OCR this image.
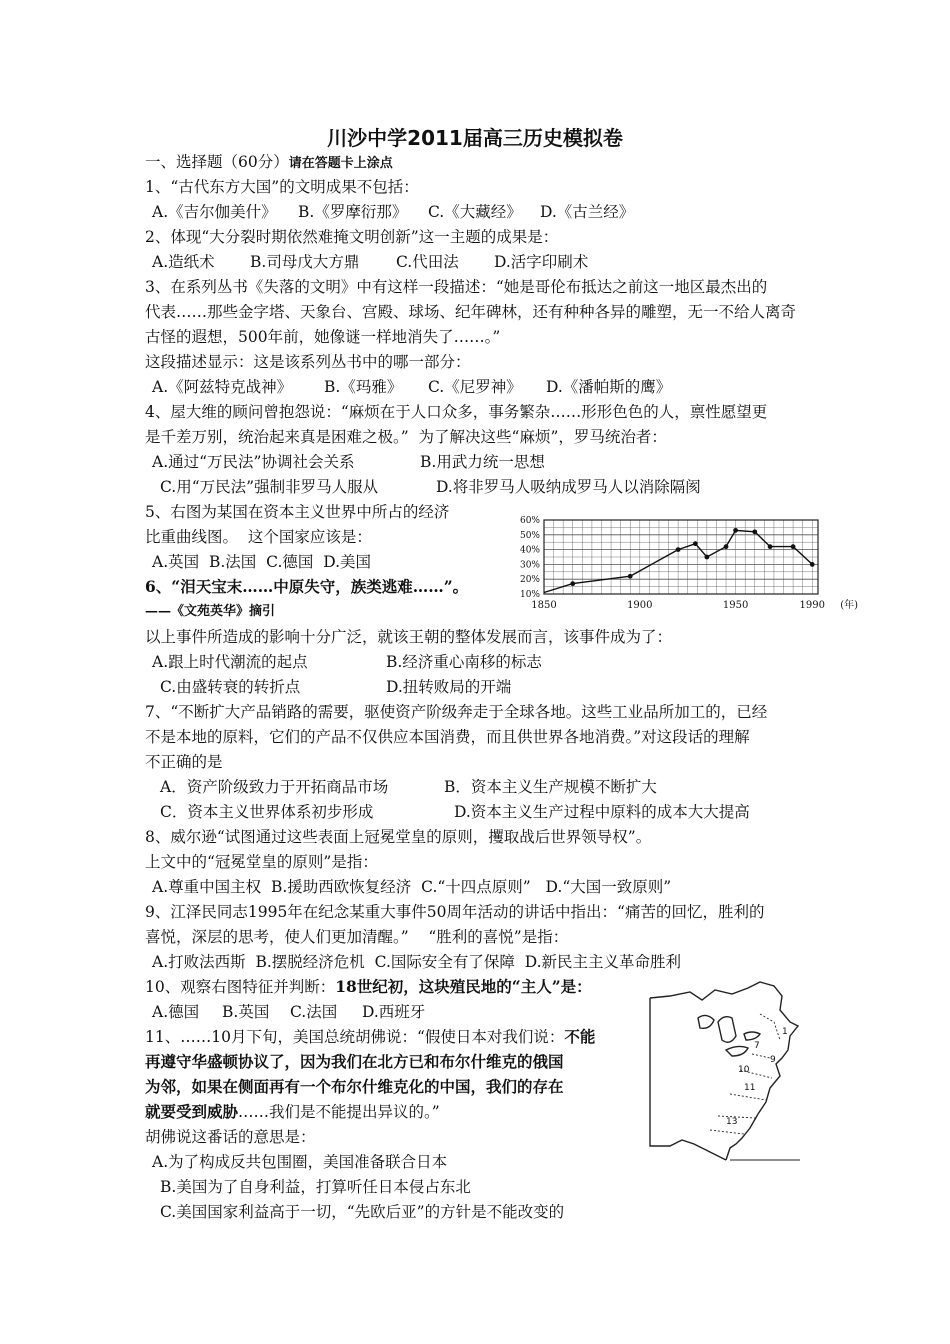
川沙中学2011届高三历史模拟卷
一、选择题（60分）请在答题卡上涂点
1、“古代东方大国”的文明成果不包括：
A.《吉尔伽美什》 B.《罗摩衍那》 C.《大藏经》 D.《古兰经》
2、体现“大分裂时期依然难掩文明创新”这一主题的成果是：
A.造纸术 B.司母戊大方鼎 C.代田法 D.活字印刷术
3、在系列丛书《失落的文明》中有这样一段描述：“她是哥伦布抵达之前这一地区最杰出的
代表……那些金字塔、天象台、宫殿、球场、纪年碑林，还有种种各异的雕塑，无一不给人离奇
古怪的遐想，500年前，她像谜一样地消失了……。”
这段描述显示：这是该系列丛书中的哪一部分：
A.《阿兹特克战神》 B.《玛雅》 C.《尼罗神》 D.《潘帕斯的鹰》
4、屋大维的顾问曾抱怨说：“麻烦在于人口众多，事务繁杂……形形色色的人，禀性愿望更
是千差万别，统治起来真是困难之极。”  为了解决这些“麻烦”，罗马统治者：
A.通过“万民法”协调社会关系	B.用武力统一思想
C.用“万民法”强制非罗马人服从	D.将非罗马人吸纳成罗马人以消除隔阂
5、右图为某国在资本主义世界中所占的经济
比重曲线图。  这个国家应该是：
A.英国  B.法国  C.德国  D.美国
10%
20%
30%
40%
50%
60%
1850	1900	1950	1990 (年)
6、“泪天宝末……中原失守，族类逃难……”。
——《文苑英华》摘引
以上事件所造成的影响十分广泛，就该王朝的整体发展而言，该事件成为了：
A.跟上时代潮流的起点	B.经济重心南移的标志
C.由盛转衰的转折点	D.扭转败局的开端
7、“不断扩大产品销路的需要，驱使资产阶级奔走于全球各地。这些工业品所加工的，已经
不是本地的原料，它们的产品不仅供应本国消费，而且供世界各地消费。”对这段话的理解
不正确的是
A．资产阶级致力于开拓商品市场	B．资本主义生产规模不断扩大
C．资本主义世界体系初步形成	D.资本主义生产过程中原料的成本大大提高
8、威尔逊“试图通过这些表面上冠冕堂皇的原则，攫取战后世界领导权”。
上文中的“冠冕堂皇的原则”是指：
A.尊重中国主权  B.援助西欧恢复经济  C.“十四点原则”   D.“大国一致原则”
9、江泽民同志1995年在纪念某重大事件50周年活动的讲话中指出：“痛苦的回忆，胜利的
喜悦，深层的思考，使人们更加清醒。”    “胜利的喜悦”是指：
A.打败法西斯  B.摆脱经济危机  C.国际安全有了保障  D.新民主主义革命胜利
10、观察右图特征并判断：18世纪初，这块殖民地的“主人”是：
A.德国 B.英国 C.法国 D.西班牙
11、……10月下旬，美国总统胡佛说：“假使日本对我们说：不能
再遵守华盛顿协议了，因为我们在北方已和布尔什维克的俄国
为邻，如果在侧面再有一个布尔什维克化的中国，我们的存在
就要受到威胁……我们是不能提出异议的。”
胡佛说这番话的意思是：
A.为了构成反共包围圈，美国准备联合日本
B.美国为了自身利益，打算听任日本侵占东北
C.美国国家利益高于一切，“先欧后亚”的方针是不能改变的
1
7
9
10
11
13
